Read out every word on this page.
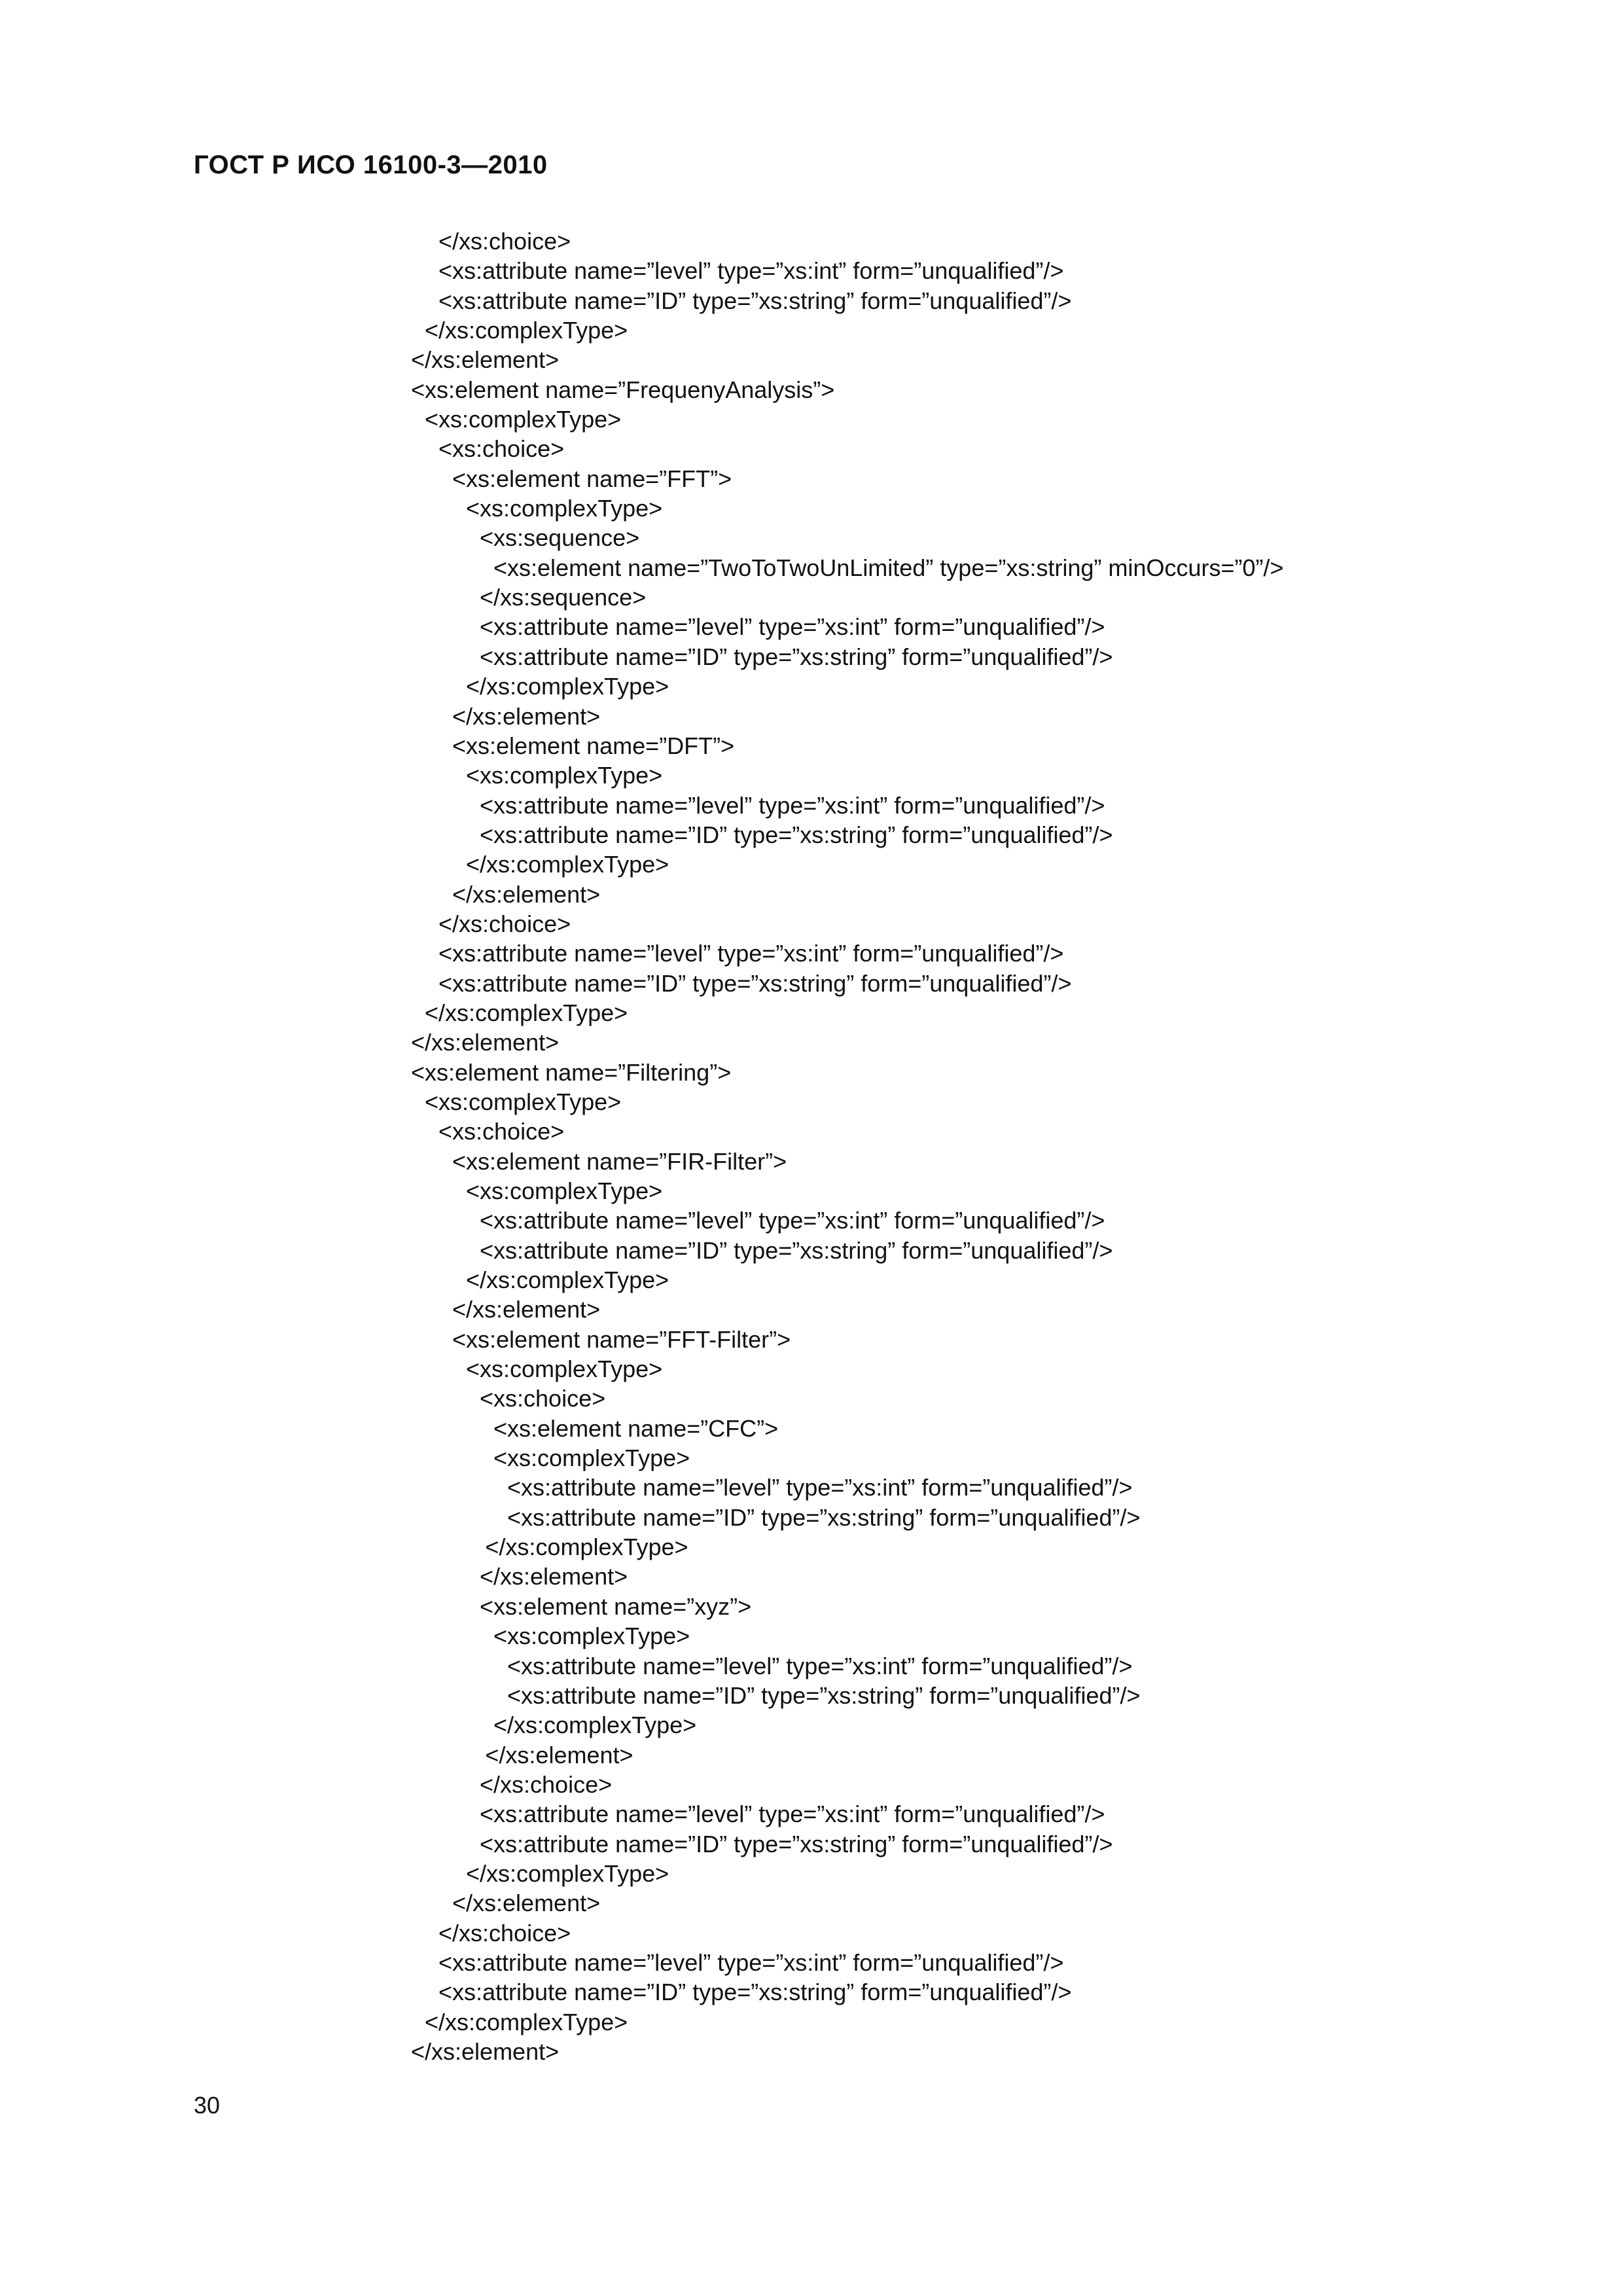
ГОСТ Р ИСО 16100-3—2010
</xs:choice>
<xs:attribute name=”level” type=”xs:int” form=”unqualified”/>
<xs:attribute name=”ID” type=”xs:string” form=”unqualified”/>
</xs:complexType>
</xs:element>
<xs:element name=”FrequenyAnalysis”>
<xs:complexType>
<xs:choice>
<xs:element name=”FFT”>
<xs:complexType>
<xs:sequence>
<xs:element name=”TwoToTwoUnLimited” type=”xs:string” minOccurs=”0”/>
</xs:sequence>
<xs:attribute name=”level” type=”xs:int” form=”unqualified”/>
<xs:attribute name=”ID” type=”xs:string” form=”unqualified”/>
</xs:complexType>
</xs:element>
<xs:element name=”DFT”>
<xs:complexType>
<xs:attribute name=”level” type=”xs:int” form=”unqualified”/>
<xs:attribute name=”ID” type=”xs:string” form=”unqualified”/>
</xs:complexType>
</xs:element>
</xs:choice>
<xs:attribute name=”level” type=”xs:int” form=”unqualified”/>
<xs:attribute name=”ID” type=”xs:string” form=”unqualified”/>
</xs:complexType>
</xs:element>
<xs:element name=”Filtering”>
<xs:complexType>
<xs:choice>
<xs:element name=”FIR-Filter”>
<xs:complexType>
<xs:attribute name=”level” type=”xs:int” form=”unqualified”/>
<xs:attribute name=”ID” type=”xs:string” form=”unqualified”/>
</xs:complexType>
</xs:element>
<xs:element name=”FFT-Filter”>
<xs:complexType>
<xs:choice>
<xs:element name=”CFC”>
<xs:complexType>
<xs:attribute name=”level” type=”xs:int” form=”unqualified”/>
<xs:attribute name=”ID” type=”xs:string” form=”unqualified”/>
</xs:complexType>
</xs:element>
<xs:element name=”xyz”>
<xs:complexType>
<xs:attribute name=”level” type=”xs:int” form=”unqualified”/>
<xs:attribute name=”ID” type=”xs:string” form=”unqualified”/>
</xs:complexType>
</xs:element>
</xs:choice>
<xs:attribute name=”level” type=”xs:int” form=”unqualified”/>
<xs:attribute name=”ID” type=”xs:string” form=”unqualified”/>
</xs:complexType>
</xs:element>
</xs:choice>
<xs:attribute name=”level” type=”xs:int” form=”unqualified”/>
<xs:attribute name=”ID” type=”xs:string” form=”unqualified”/>
</xs:complexType>
</xs:element>
30
